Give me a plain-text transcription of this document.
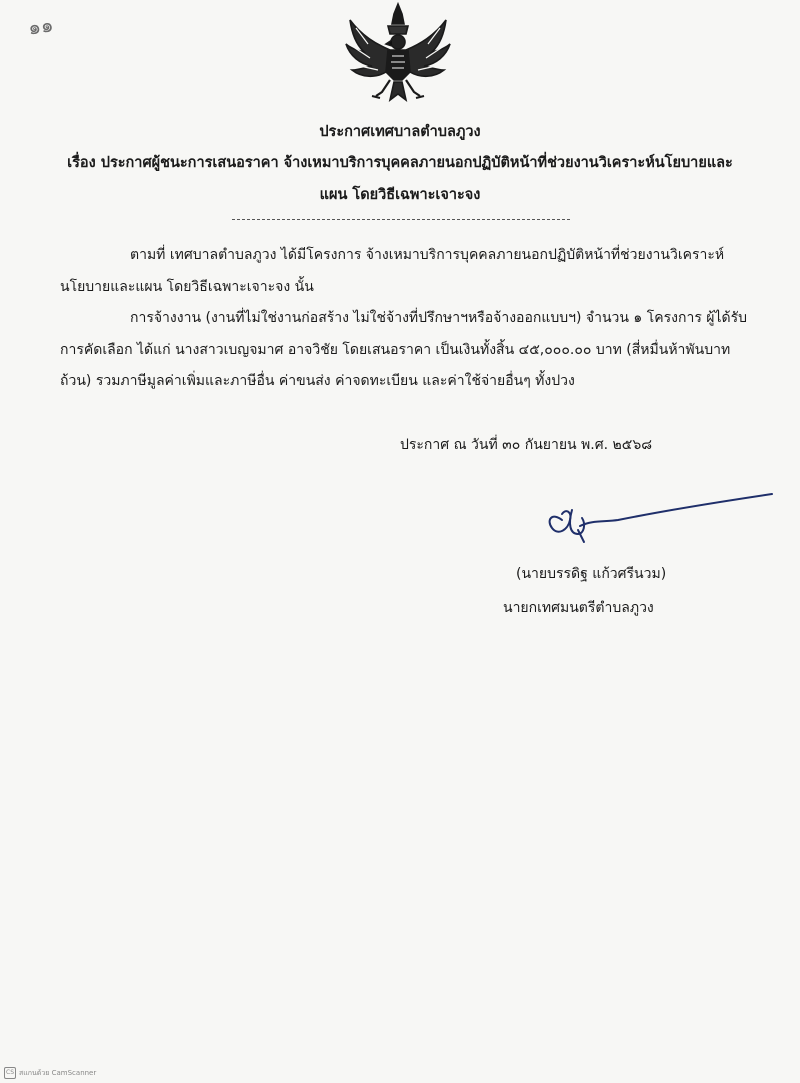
๑๑
ประกาศเทศบาลตำบลภูวง
เรื่อง ประกาศผู้ชนะการเสนอราคา จ้างเหมาบริการบุคคลภายนอกปฏิบัติหน้าที่ช่วยงานวิเคราะห์นโยบายและ
แผน โดยวิธีเฉพาะเจาะจง
ตามที่ เทศบาลตำบลภูวง ได้มีโครงการ จ้างเหมาบริการบุคคลภายนอกปฏิบัติหน้าที่ช่วยงานวิเคราะห์
นโยบายและแผน โดยวิธีเฉพาะเจาะจง นั้น
การจ้างงาน (งานที่ไม่ใช่งานก่อสร้าง ไม่ใช่จ้างที่ปรึกษาฯหรือจ้างออกแบบฯ) จำนวน ๑ โครงการ ผู้ได้รับ
การคัดเลือก ได้แก่ นางสาวเบญจมาศ อาจวิชัย โดยเสนอราคา เป็นเงินทั้งสิ้น ๔๕,๐๐๐.๐๐ บาท (สี่หมื่นห้าพันบาท
ถ้วน) รวมภาษีมูลค่าเพิ่มและภาษีอื่น ค่าขนส่ง ค่าจดทะเบียน และค่าใช้จ่ายอื่นๆ ทั้งปวง
ประกาศ ณ วันที่ ๓๐ กันยายน พ.ศ. ๒๕๖๘
(นายบรรดิฐ แก้วศรีนวม)
นายกเทศมนตรีตำบลภูวง
CS สแกนด้วย CamScanner
